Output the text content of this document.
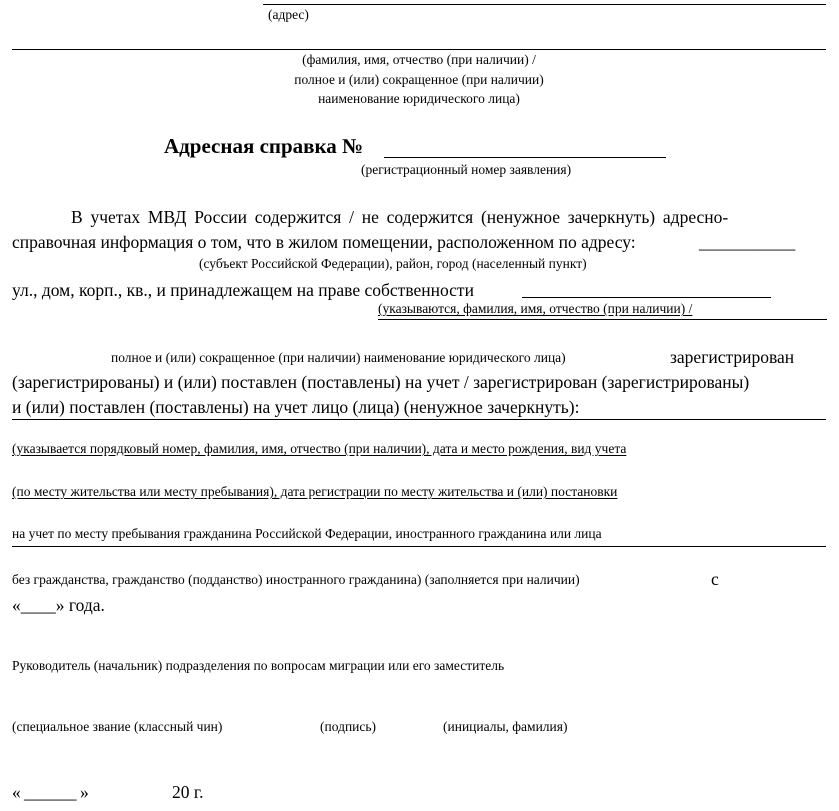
(адрес)
(фамилия, имя, отчество (при наличии) /
полное и (или) сокращенное (при наличии)
наименование юридического лица)
Адресная справка №
(регистрационный номер заявления)
В учетах МВД России содержится / не содержится (ненужное зачеркнуть) адресно-
справочная информация о том, что в жилом помещении, расположенном по адресу:	___________
(субъект Российской Федерации), район, город (населенный пункт)
ул., дом, корп., кв., и принадлежащем на праве собственности
(указываются, фамилия, имя, отчество (при наличии) /
полное и (или) сокращенное (при наличии) наименование юридического лица)	зарегистрирован
(зарегистрированы) и (или) поставлен (поставлены) на учет / зарегистрирован (зарегистрированы)
и (или) поставлен (поставлены) на учет лицо (лица) (ненужное зачеркнуть):
(указывается порядковый номер, фамилия, имя, отчество (при наличии), дата и место рождения, вид учета
(по месту жительства или месту пребывания), дата регистрации по месту жительства и (или) постановки
на учет по месту пребывания гражданина Российской Федерации, иностранного гражданина или лица
без гражданства, гражданство (подданство) иностранного гражданина) (заполняется при наличии)	с
«____» года.
Руководитель (начальник) подразделения по вопросам миграции или его заместитель
(специальное звание (классный чин)	(подпись)	(инициалы, фамилия)
« ______ »	20 г.
